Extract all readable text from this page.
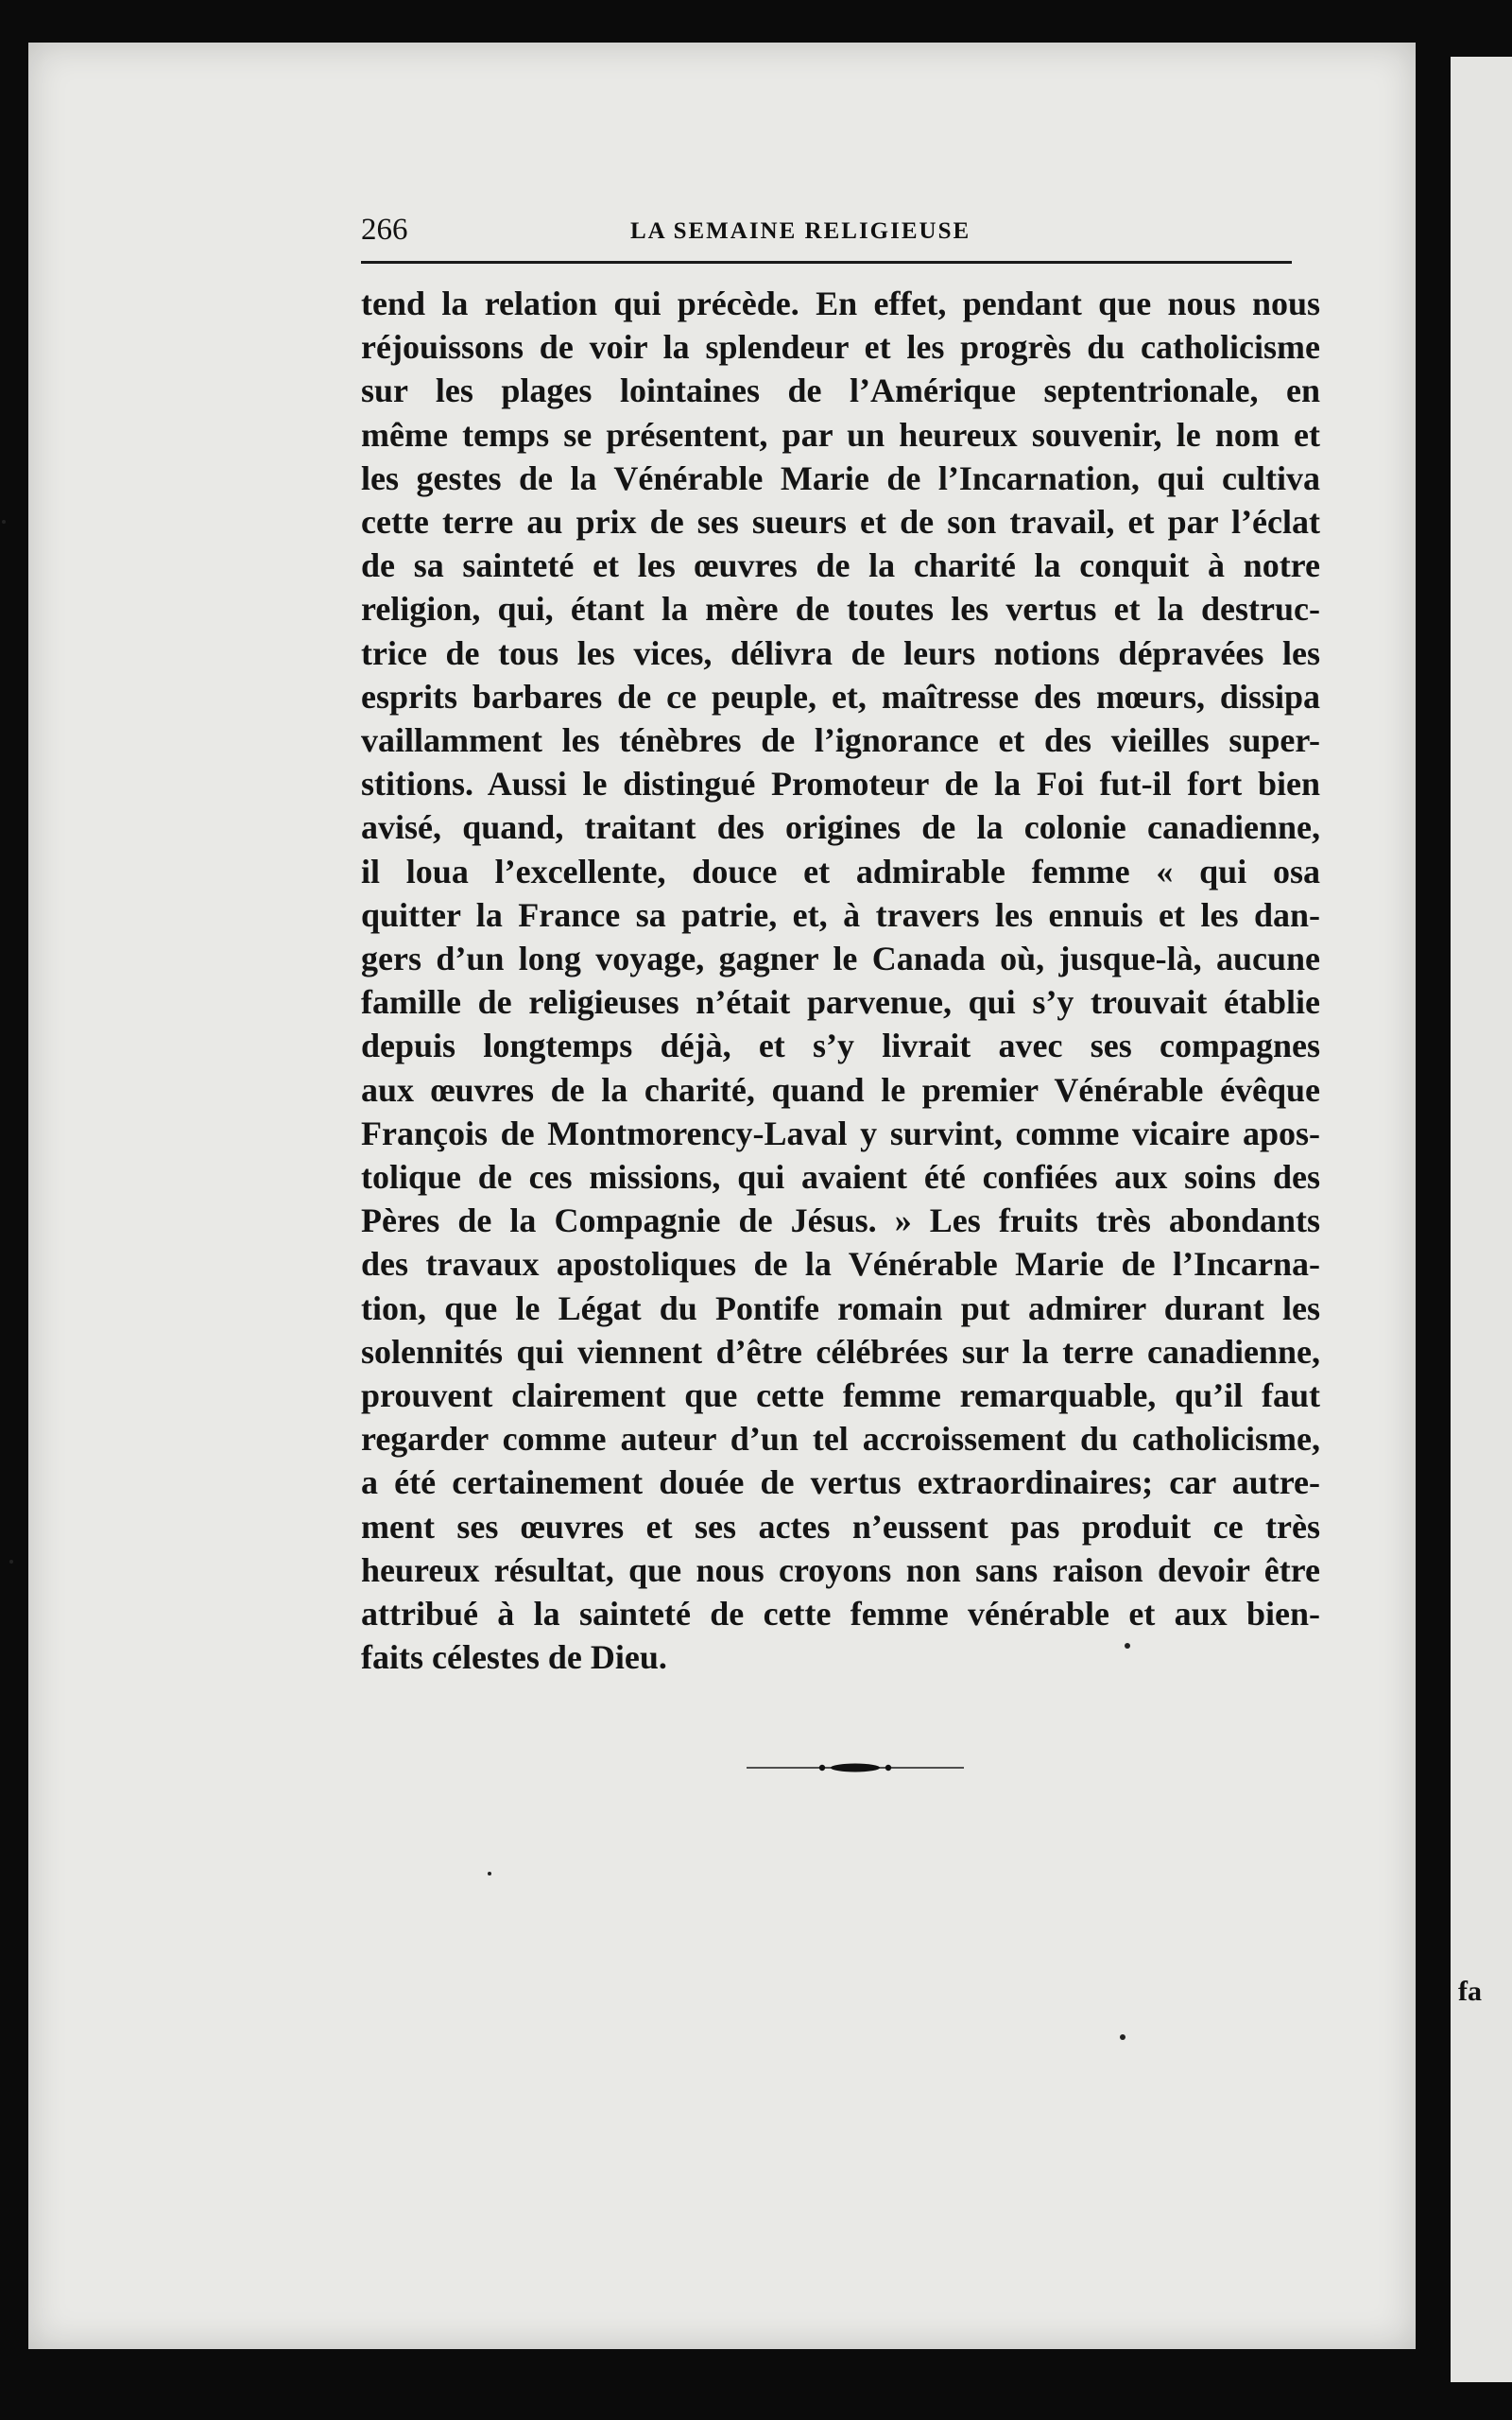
fa
266	LA SEMAINE RELIGIEUSE
tend la relation qui précède. En effet, pendant que nous nous
réjouissons de voir la splendeur et les progrès du catholicisme
sur les plages lointaines de l’Amérique septentrionale, en
même temps se présentent, par un heureux souvenir, le nom et
les gestes de la Vénérable Marie de l’Incarnation, qui cultiva
cette terre au prix de ses sueurs et de son travail, et par l’éclat
de sa sainteté et les œuvres de la charité la conquit à notre
religion, qui, étant la mère de toutes les vertus et la destruc-
trice de tous les vices, délivra de leurs notions dépravées les
esprits barbares de ce peuple, et, maîtresse des mœurs, dissipa
vaillamment les ténèbres de l’ignorance et des vieilles super-
stitions. Aussi le distingué Promoteur de la Foi fut-il fort bien
avisé, quand, traitant des origines de la colonie canadienne,
il loua l’excellente, douce et admirable femme « qui osa
quitter la France sa patrie, et, à travers les ennuis et les dan-
gers d’un long voyage, gagner le Canada où, jusque-là, aucune
famille de religieuses n’était parvenue, qui s’y trouvait établie
depuis longtemps déjà, et s’y livrait avec ses compagnes
aux œuvres de la charité, quand le premier Vénérable évêque
François de Montmorency-Laval y survint, comme vicaire apos-
tolique de ces missions, qui avaient été confiées aux soins des
Pères de la Compagnie de Jésus. » Les fruits très abondants
des travaux apostoliques de la Vénérable Marie de l’Incarna-
tion, que le Légat du Pontife romain put admirer durant les
solennités qui viennent d’être célébrées sur la terre canadienne,
prouvent clairement que cette femme remarquable, qu’il faut
regarder comme auteur d’un tel accroissement du catholicisme,
a été certainement douée de vertus extraordinaires; car autre-
ment ses œuvres et ses actes n’eussent pas produit ce très
heureux résultat, que nous croyons non sans raison devoir être
attribué à la sainteté de cette femme vénérable et aux bien-
faits célestes de Dieu.
